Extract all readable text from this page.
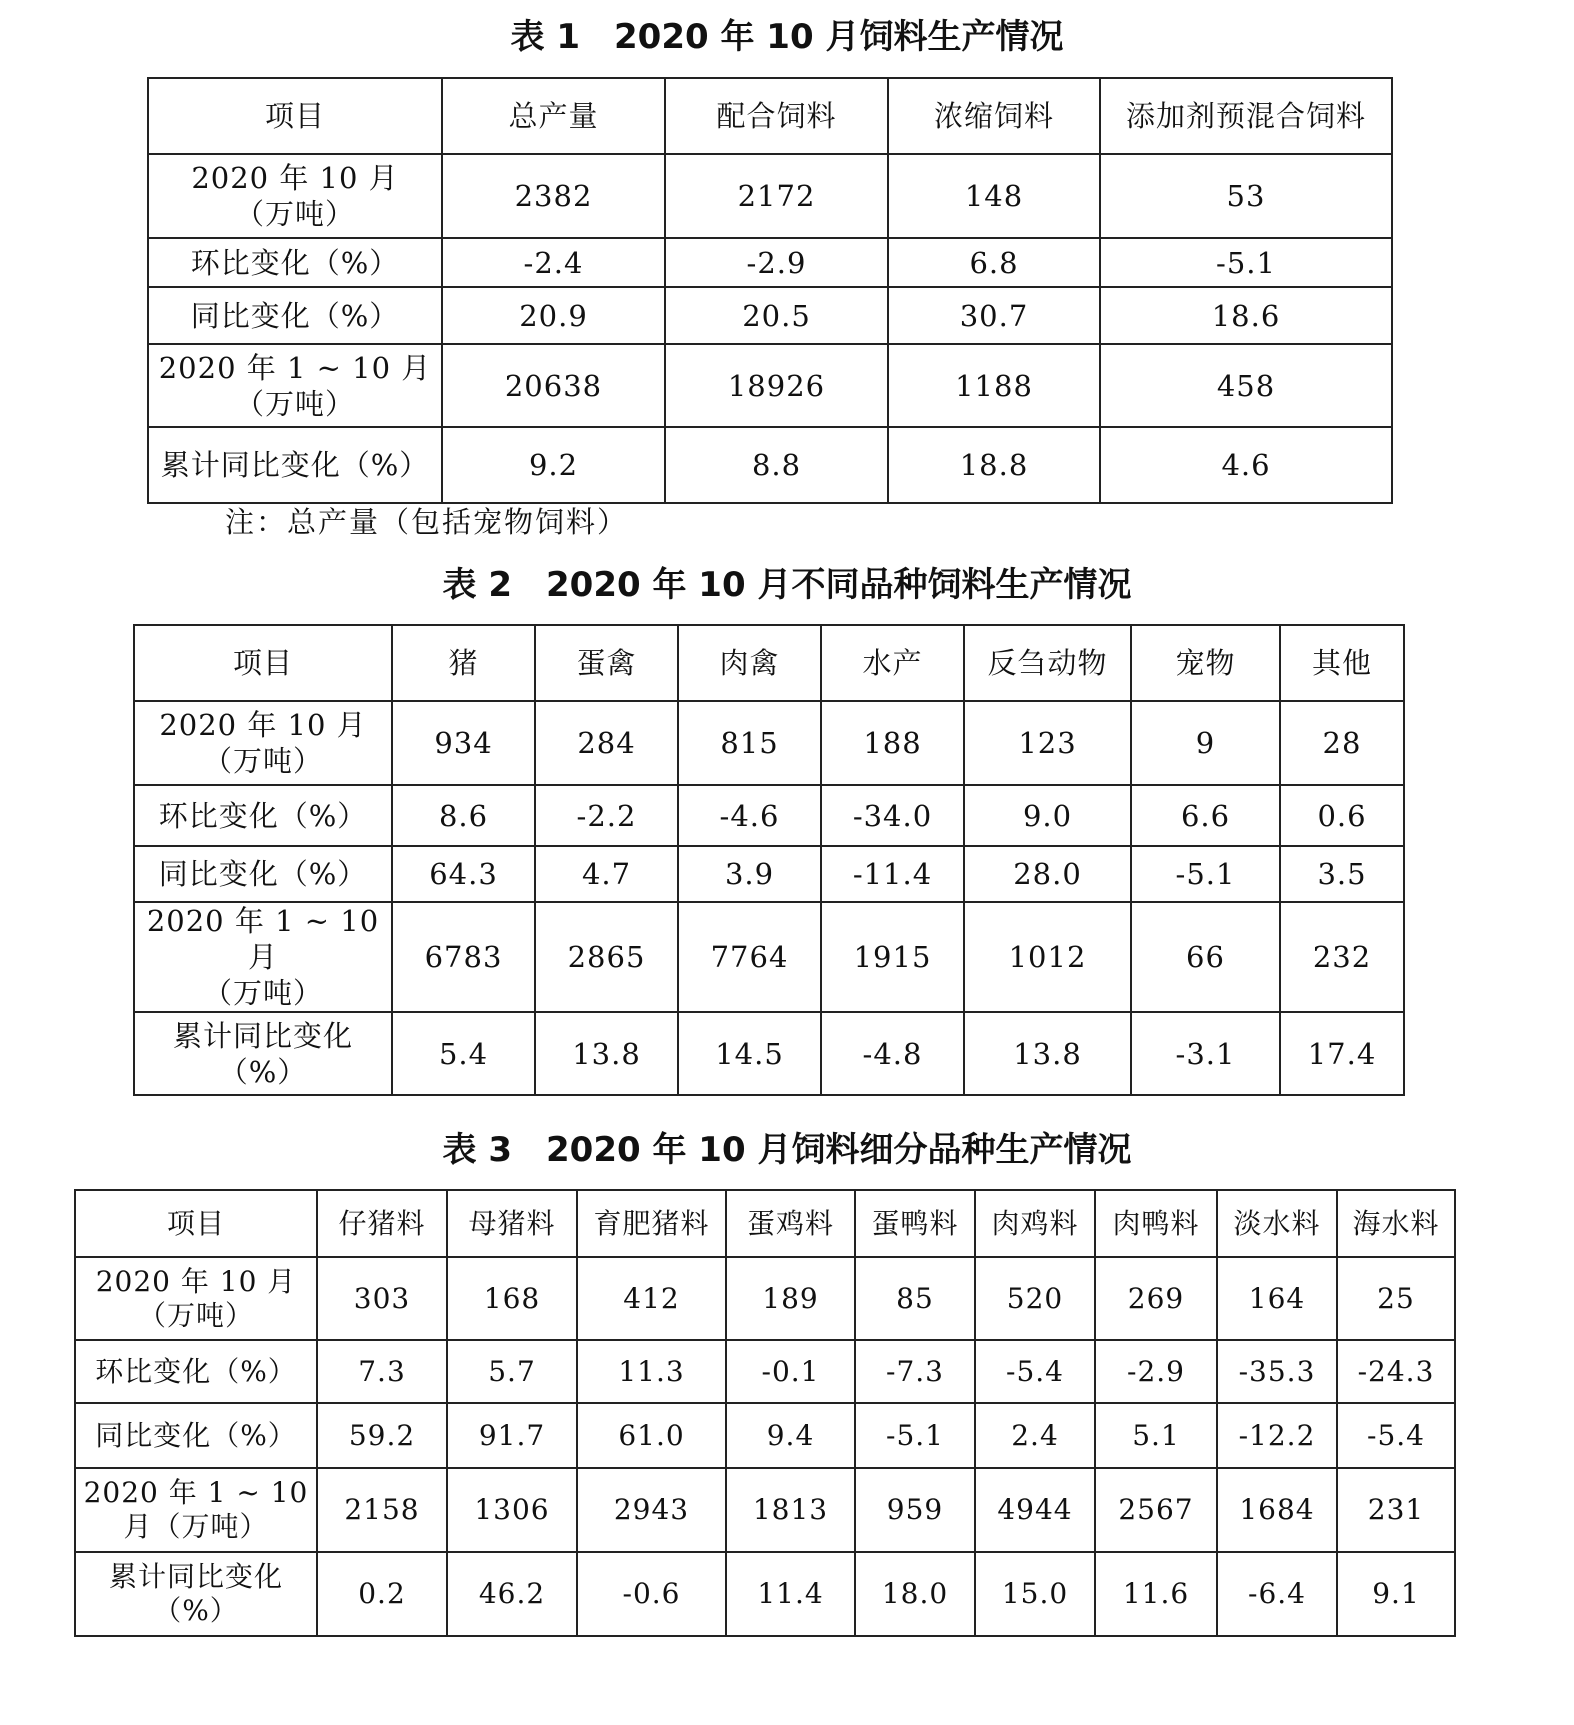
表 1　2020 年 10 月饲料生产情况
项目	总产量	配合饲料	浓缩饲料	添加剂预混合饲料
2020 年 10 月
（万吨）	2382	2172	148	53
环比变化（%）	-2.4	-2.9	6.8	-5.1
同比变化（%）	20.9	20.5	30.7	18.6
2020 年 1 ~ 10 月
（万吨）	20638	18926	1188	458
累计同比变化（%）	9.2	8.8	18.8	4.6
注：总产量（包括宠物饲料）
表 2　2020 年 10 月不同品种饲料生产情况
项目	猪	蛋禽	肉禽	水产	反刍动物	宠物	其他
2020 年 10 月
（万吨）	934	284	815	188	123	9	28
环比变化（%）	8.6	-2.2	-4.6	-34.0	9.0	6.6	0.6
同比变化（%）	64.3	4.7	3.9	-11.4	28.0	-5.1	3.5
2020 年 1 ~ 10 月
（万吨）	6783	2865	7764	1915	1012	66	232
累计同比变化
（%）	5.4	13.8	14.5	-4.8	13.8	-3.1	17.4
表 3　2020 年 10 月饲料细分品种生产情况
项目	仔猪料	母猪料	育肥猪料	蛋鸡料	蛋鸭料	肉鸡料	肉鸭料	淡水料	海水料
2020 年 10 月
（万吨）	303	168	412	189	85	520	269	164	25
环比变化（%）	7.3	5.7	11.3	-0.1	-7.3	-5.4	-2.9	-35.3	-24.3
同比变化（%）	59.2	91.7	61.0	9.4	-5.1	2.4	5.1	-12.2	-5.4
2020 年 1 ~ 10
月（万吨）	2158	1306	2943	1813	959	4944	2567	1684	231
累计同比变化
（%）	0.2	46.2	-0.6	11.4	18.0	15.0	11.6	-6.4	9.1
